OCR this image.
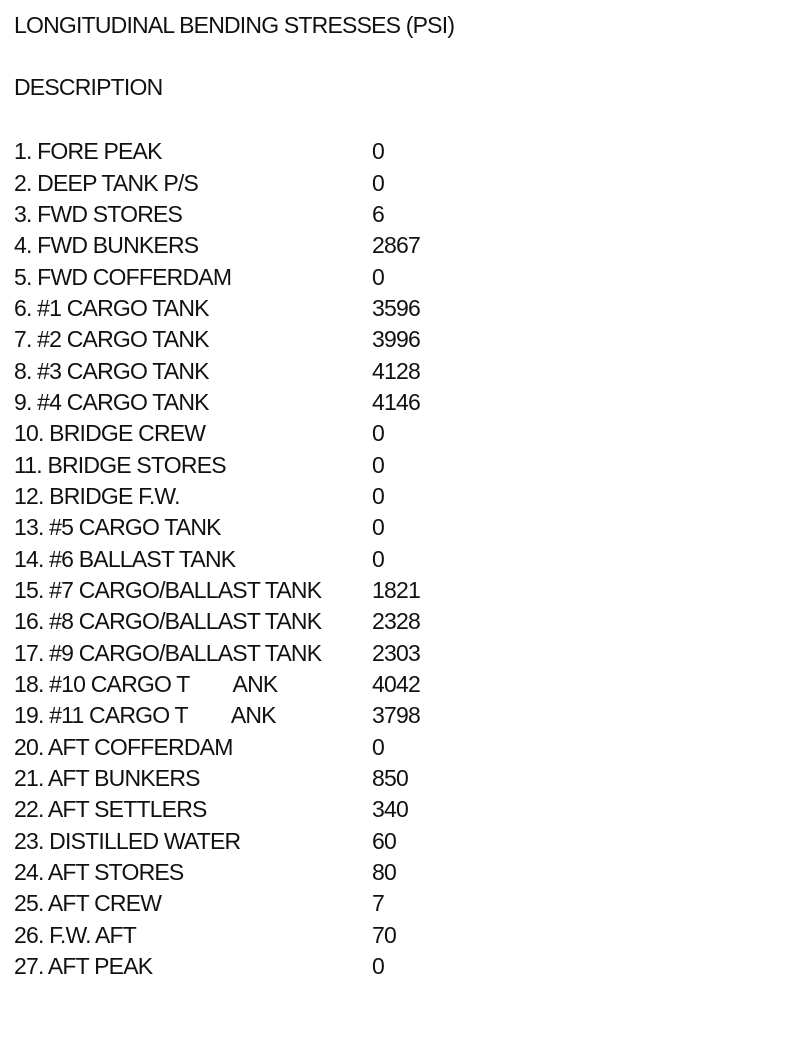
LONGITUDINAL BENDING STRESSES (PSI)
DESCRIPTION
1. FORE PEAK	0
2. DEEP TANK P/S	0
3. FWD STORES	6
4. FWD BUNKERS	2867
5. FWD COFFERDAM	0
6. #1 CARGO TANK	3596
7. #2 CARGO TANK	3996
8. #3 CARGO TANK	4128
9. #4 CARGO TANK	4146
10. BRIDGE CREW	0
11. BRIDGE STORES	0
12. BRIDGE F.W.	0
13. #5 CARGO TANK	0
14. #6 BALLAST TANK	0
15. #7 CARGO/BALLAST TANK	1821
16. #8 CARGO/BALLAST TANK	2328
17. #9 CARGO/BALLAST TANK	2303
18. #10 CARGO T        ANK	4042
19. #11 CARGO T        ANK	3798
20. AFT COFFERDAM	0
21. AFT BUNKERS	850
22. AFT SETTLERS	340
23. DISTILLED WATER	60
24. AFT STORES	80
25. AFT CREW	7
26. F.W. AFT	70
27. AFT PEAK	0
